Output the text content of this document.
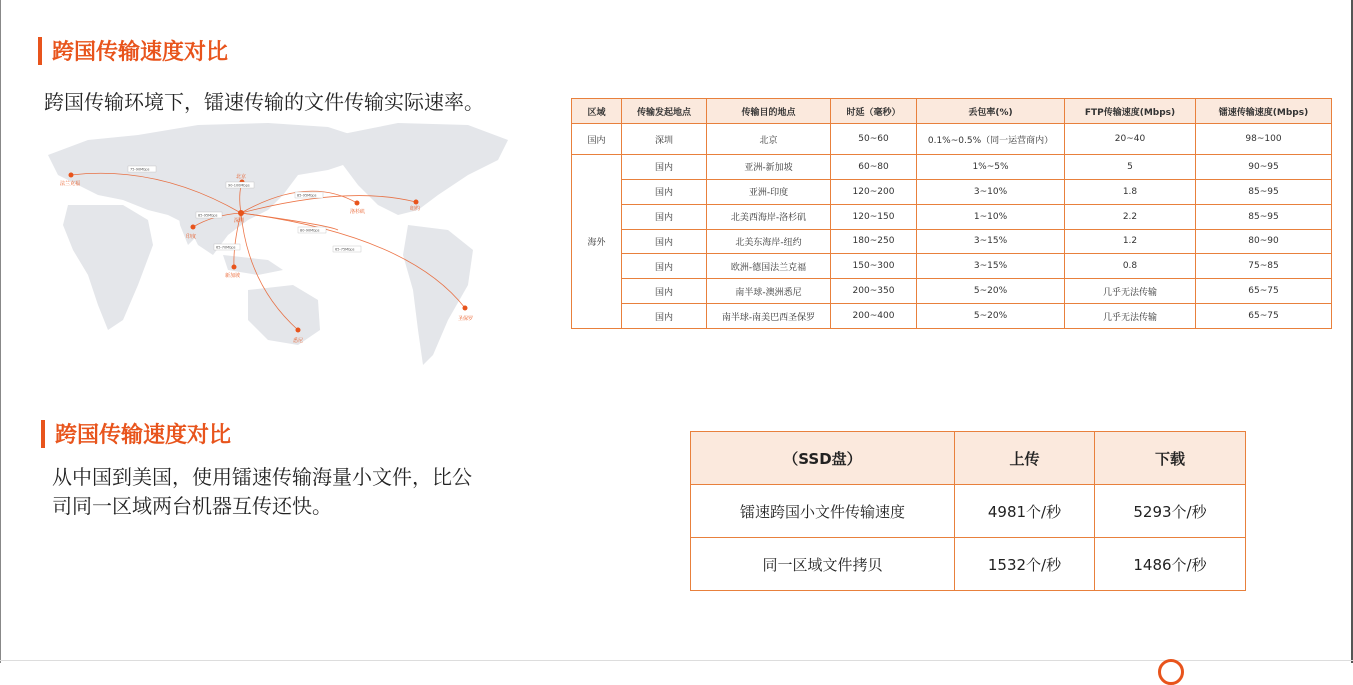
跨国传输速度对比
跨国传输环境下，镭速传输的文件传输实际速率。
法兰克福
北京
深圳
洛杉矶	纽约
印度
新加坡
悉尼
圣保罗
75-90Mbps
90-100Mbps
85-95Mbps
85-95Mbps
80-90Mbps
65-70Mbps	65-75Mbps
区域	传输发起地点	传输目的地点	时延（毫秒）	丢包率(%)	FTP传输速度(Mbps)	镭速传输速度(Mbps)
国内	深圳	北京	50~60	0.1%~0.5%（同一运营商内）	20~40	98~100
海外	国内	亚洲-新加坡	60~80	1%~5%	5	90~95
	国内	亚洲-印度	120~200	3~10%	1.8	85~95
	国内	北美西海岸-洛杉矶	120~150	1~10%	2.2	85~95
	国内	北美东海岸-纽约	180~250	3~15%	1.2	80~90
	国内	欧洲-德国法兰克福	150~300	3~15%	0.8	75~85
	国内	南半球-澳洲悉尼	200~350	5~20%	几乎无法传输	65~75
	国内	南半球-南美巴西圣保罗	200~400	5~20%	几乎无法传输	65~75
跨国传输速度对比
从中国到美国，使用镭速传输海量小文件，比公
司同一区域两台机器互传还快。
（SSD盘）	上传	下载
镭速跨国小文件传输速度	4981个/秒	5293个/秒
同一区域文件拷贝	1532个/秒	1486个/秒
